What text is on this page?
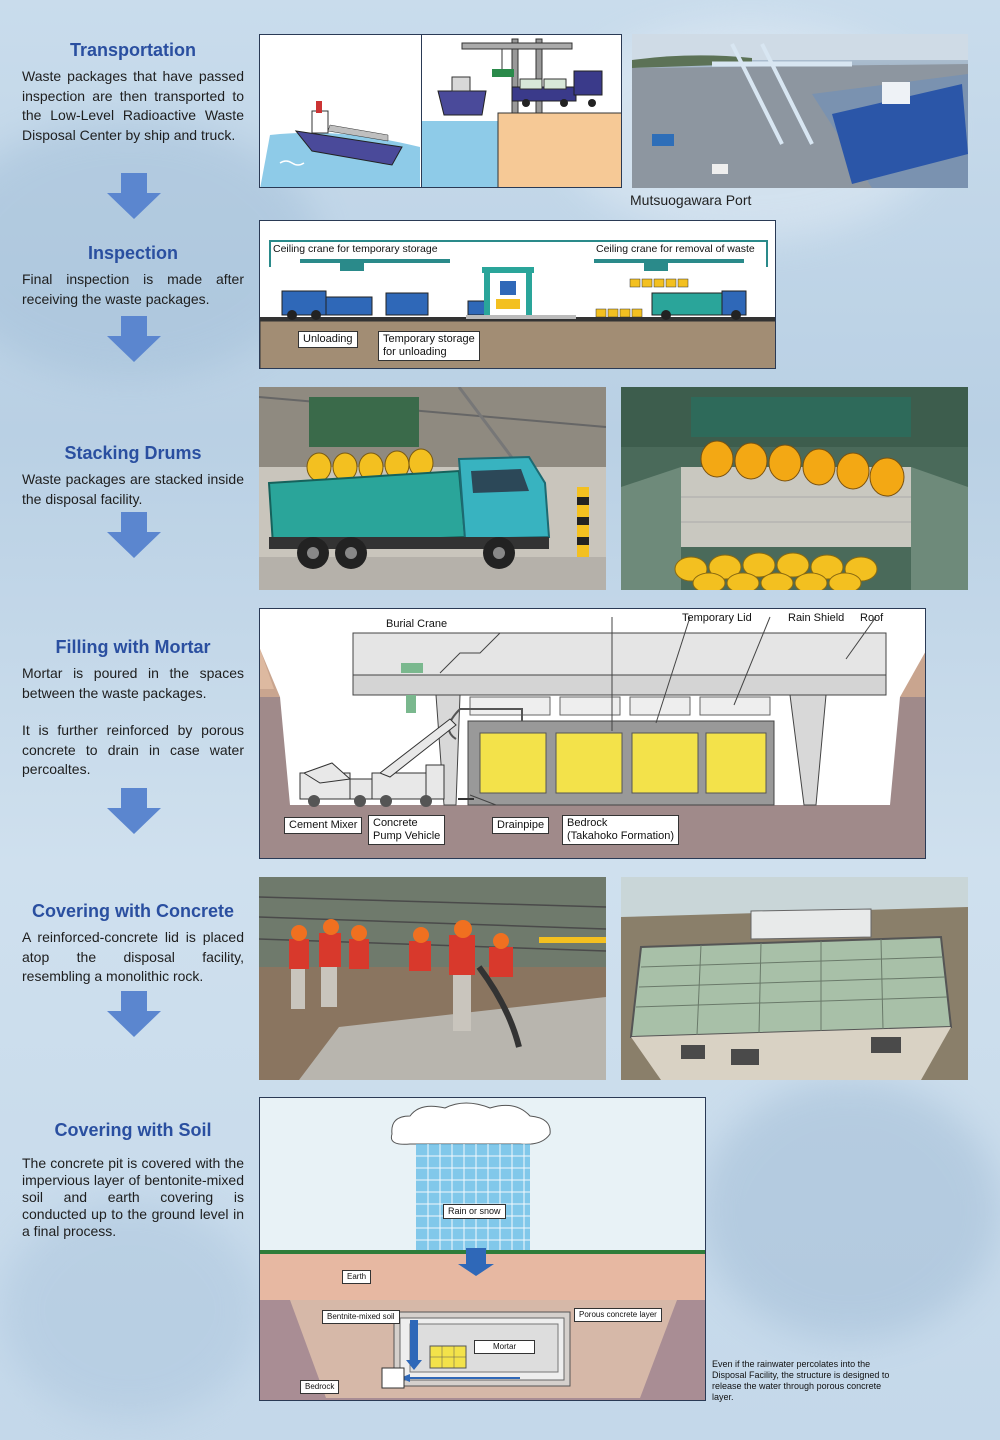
Transportation

Waste packages that have passed inspection are then transported to the Low-Level Radioactive Waste Disposal Center by ship and truck.

Inspection

Final inspection is made after receiving the waste packages.

Stacking Drums

Waste packages are stacked inside the disposal facility.

Filling with Mortar

Mortar is poured in the spaces between the waste packages.

It is further reinforced by porous concrete to drain in case water percoaltes.

Covering with Concrete

A reinforced-concrete lid is placed atop the disposal facility, resembling a monolithic rock.

Covering with Soil

The concrete pit is covered with the impervious layer of bentonite-mixed soil and earth covering is conducted up to the ground level in a final process.

Mutsuogawara Port
Ceiling crane for temporary storage	Ceiling crane for removal of waste
Unloading	Temporary storage
for unloading
Burial Crane	Temporary Lid	Rain Shield	Roof
Cement Mixer	Concrete
Pump Vehicle
Drainpipe	Bedrock
(Takahoko Formation)
Rain or snow
Earth
Bentnite-mixed soil	Porous concrete layer
Mortar
Bedrock
Even if the rainwater percolates into the Disposal Facility, the structure is designed to release the water through porous concrete layer.
